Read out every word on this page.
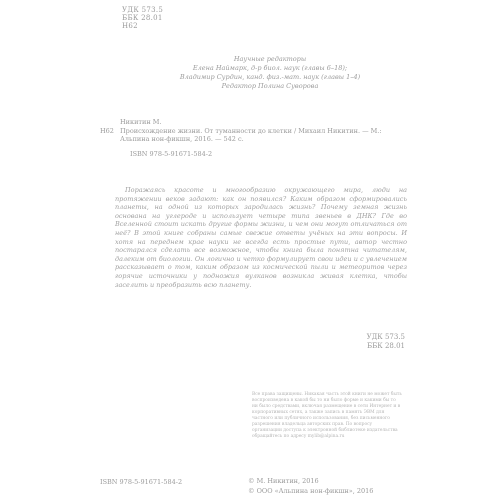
УДК 573.5
ББК 28.01
Н62
Научные редакторы
Елена Наймарк, д-р биол. наук (главы 6–18);
Владимир Сурдин, канд. физ.-мат. наук (главы 1–4)
Редактор Полина Суворова
Никитин М.
Н62 Происхождение жизни. От туманности до клетки / Михаил Никитин. — М.: Альпина нон-фикшн, 2016. — 542 с.
ISBN 978-5-91671-584-2
Поражаясь красоте и многообразию окружающего мира, люди на протяжении веков задают: как он появился? Каким образом сформировались планеты, на одной из которых зародилась жизнь? Почему земная жизнь основана на углероде и использует четыре типа звеньев в ДНК? Где во Вселенной стоит искать другие формы жизни, и чем они могут отличаться от неё? В этой книге собраны самые свежие ответы учёных на эти вопросы. И хотя на переднем крае науки не всегда есть простые пути, автор честно постарался сделать все возможное, чтобы книга была понятна читателям, далеким от биологии. Он логично и четко формулирует свои идеи и с увлечением рассказывает о том, каким образом из космической пыли и метеоритов через горячие источники у подножия вулканов возникла живая клетка, чтобы заселить и преобразить всю планету.
УДК 573.5
ББК 28.01
Все права защищены. Никакая часть этой книги не может быть воспроизведена в какой бы то ни было форме и какими бы то ни было средствами, включая размещение в сети Интернет и в корпоративных сетях, а также запись в память ЭВМ для частного или публичного использования, без письменного разрешения владельца авторских прав. По вопросу организации доступа к электронной библиотеке издательства обращайтесь по адресу mylib@alpina.ru
ISBN 978-5-91671-584-2	© М. Никитин, 2016
© ООО «Альпина нон-фикшн», 2016
